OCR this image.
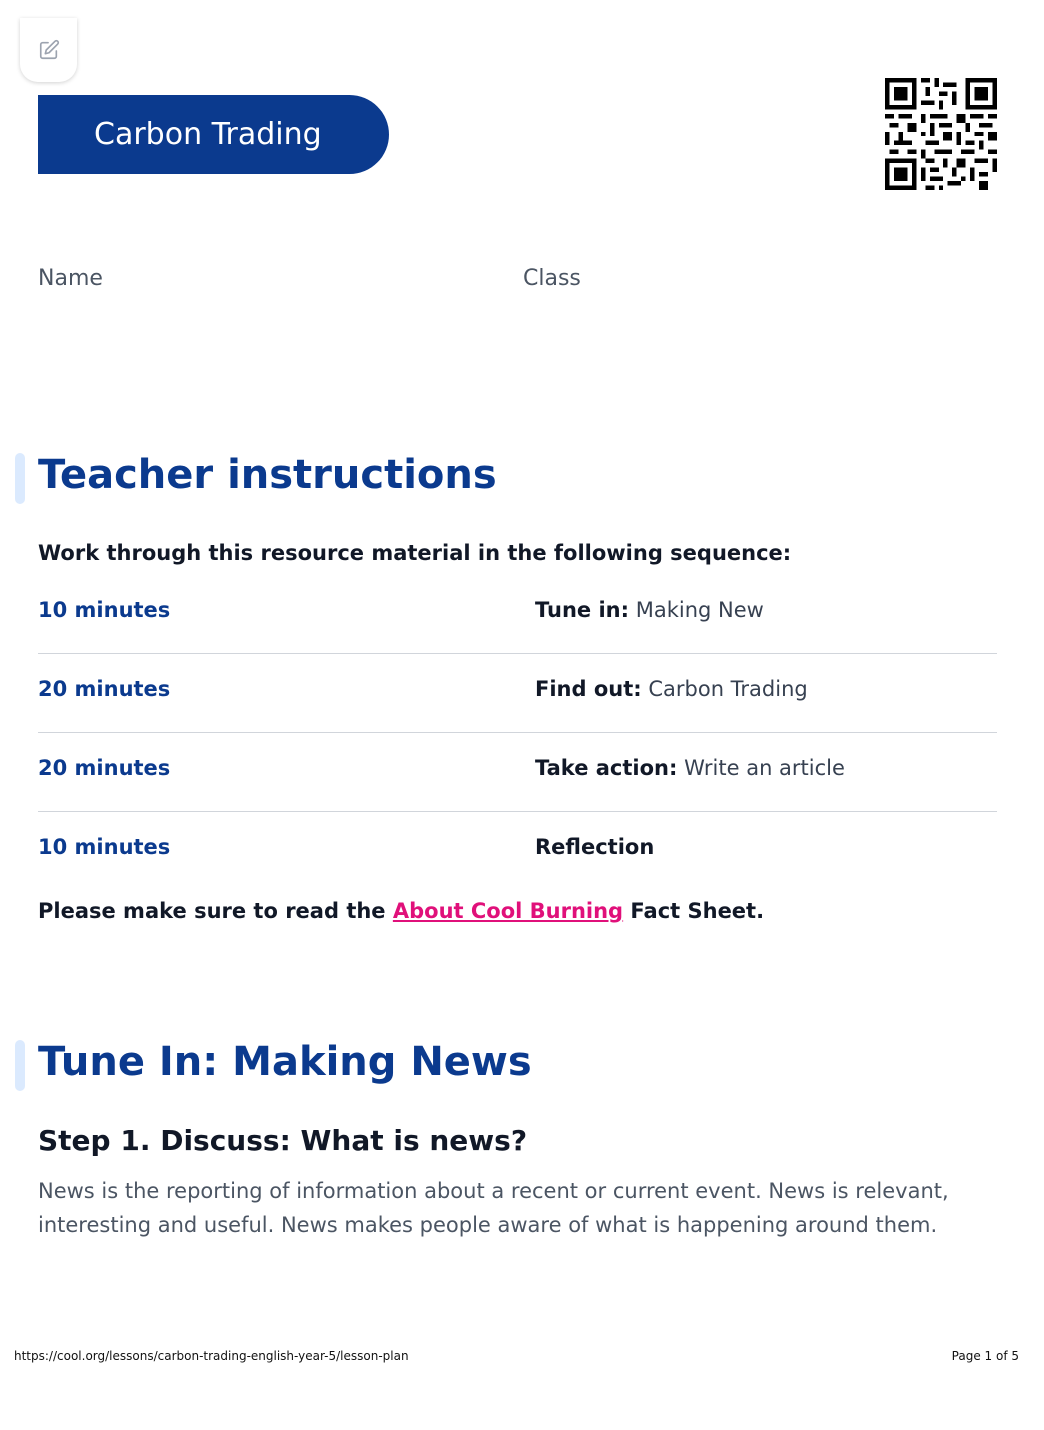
Carbon Trading
Name	Class
Teacher instructions
Work through this resource material in the following sequence:
10 minutes	Tune in: Making New
20 minutes	Find out: Carbon Trading
20 minutes	Take action: Write an article
10 minutes	Reflection
Please make sure to read the About Cool Burning Fact Sheet.
Tune In: Making News
Step 1. Discuss: What is news?
News is the reporting of information about a recent or current event. News is relevant, interesting and useful. News makes people aware of what is happening around them.
https://cool.org/lessons/carbon-trading-english-year-5/lesson-plan	Page 1 of 5
